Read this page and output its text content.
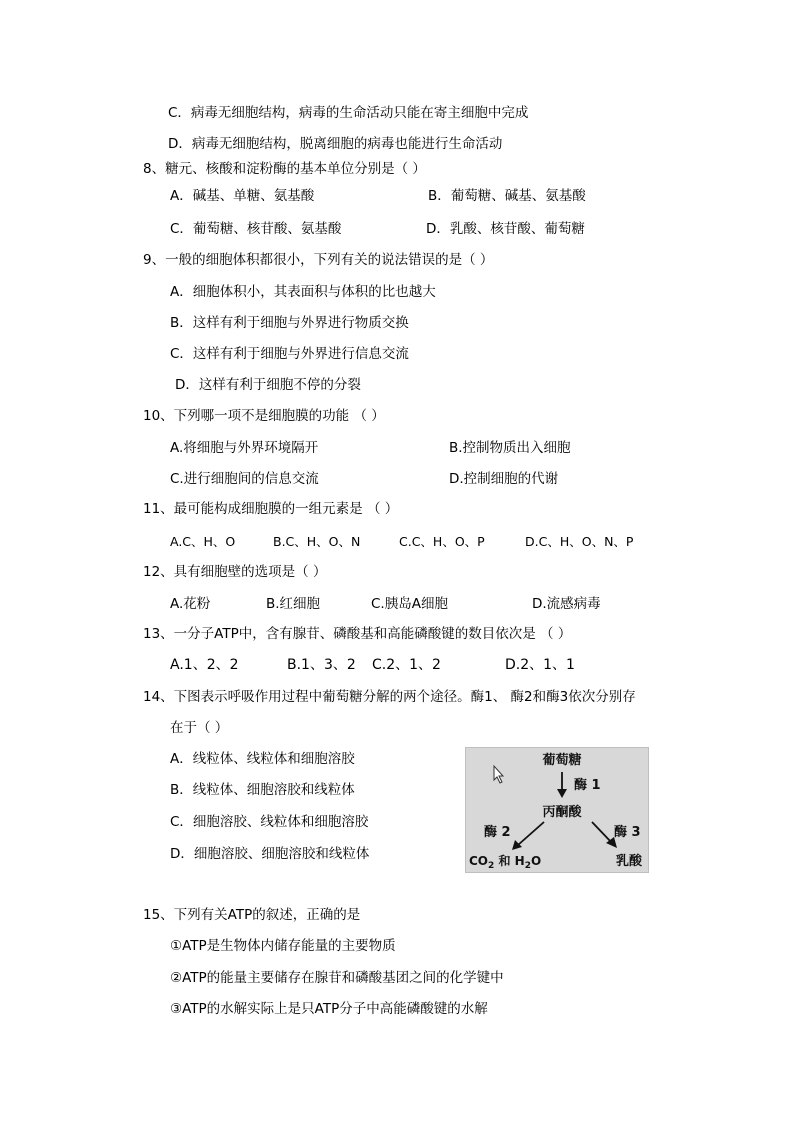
C．病毒无细胞结构，病毒的生命活动只能在寄主细胞中完成
D．病毒无细胞结构，脱离细胞的病毒也能进行生命活动
8、糖元、核酸和淀粉酶的基本单位分别是（ ）
A．碱基、单糖、氨基酸	B．葡萄糖、碱基、氨基酸
C．葡萄糖、核苷酸、氨基酸	D．乳酸、核苷酸、葡萄糖
9、一般的细胞体积都很小，下列有关的说法错误的是（ ）
A．细胞体积小，其表面积与体积的比也越大
B．这样有利于细胞与外界进行物质交换
C．这样有利于细胞与外界进行信息交流
D．这样有利于细胞不停的分裂
10、下列哪一项不是细胞膜的功能 （ ）
A.将细胞与外界环境隔开	B.控制物质出入细胞
C.进行细胞间的信息交流	D.控制细胞的代谢
11、最可能构成细胞膜的一组元素是 （ ）
A.C、H、O	B.C、H、O、N	C.C、H、O、P	D.C、H、O、N、P
12、具有细胞壁的选项是（ ）
A.花粉	B.红细胞	C.胰岛A细胞	D.流感病毒
13、一分子ATP中，含有腺苷、磷酸基和高能磷酸键的数目依次是 （ ）
A.1、2、2	B.1、3、2 C.2、1、2	D.2、1、1
14、下图表示呼吸作用过程中葡萄糖分解的两个途径。酶1、 酶2和酶3依次分别存
在于（ ）
A．线粒体、线粒体和细胞溶胶
B．线粒体、细胞溶胶和线粒体
C．细胞溶胶、线粒体和细胞溶胶
D．细胞溶胶、细胞溶胶和线粒体
葡萄糖
酶 1
丙酮酸
酶 2	酶 3
$CO_2$ 和 $H_2O$	乳酸
15、下列有关ATP的叙述，正确的是
①ATP是生物体内储存能量的主要物质
②ATP的能量主要储存在腺苷和磷酸基团之间的化学键中
③ATP的水解实际上是只ATP分子中高能磷酸键的水解
